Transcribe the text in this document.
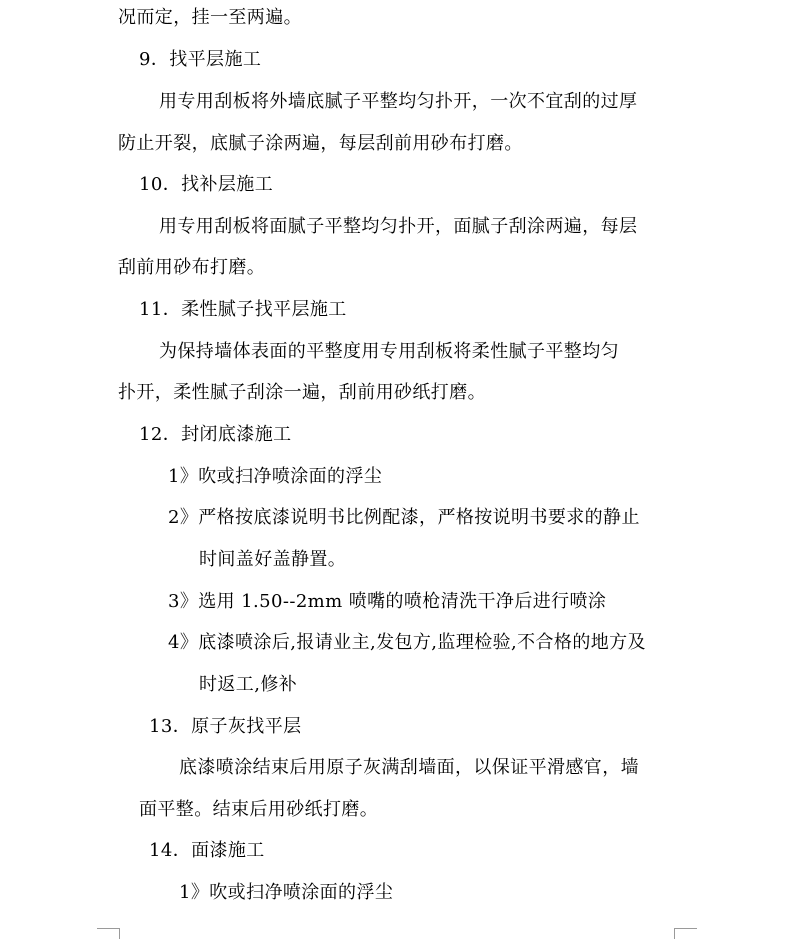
况而定，挂一至两遍。
9．找平层施工
用专用刮板将外墙底腻子平整均匀扑开，一次不宜刮的过厚
防止开裂，底腻子涂两遍，每层刮前用砂布打磨。
10．找补层施工
用专用刮板将面腻子平整均匀扑开，面腻子刮涂两遍，每层
刮前用砂布打磨。
11．柔性腻子找平层施工
为保持墙体表面的平整度用专用刮板将柔性腻子平整均匀
扑开，柔性腻子刮涂一遍，刮前用砂纸打磨。
12．封闭底漆施工
1》吹或扫净喷涂面的浮尘
2》严格按底漆说明书比例配漆，严格按说明书要求的静止
时间盖好盖静置。
3》选用 1.50--2mm 喷嘴的喷枪清洗干净后进行喷涂
4》底漆喷涂后,报请业主,发包方,监理检验,不合格的地方及
时返工,修补
13．原子灰找平层
底漆喷涂结束后用原子灰满刮墙面，以保证平滑感官，墙
面平整。结束后用砂纸打磨。
14．面漆施工
1》吹或扫净喷涂面的浮尘
